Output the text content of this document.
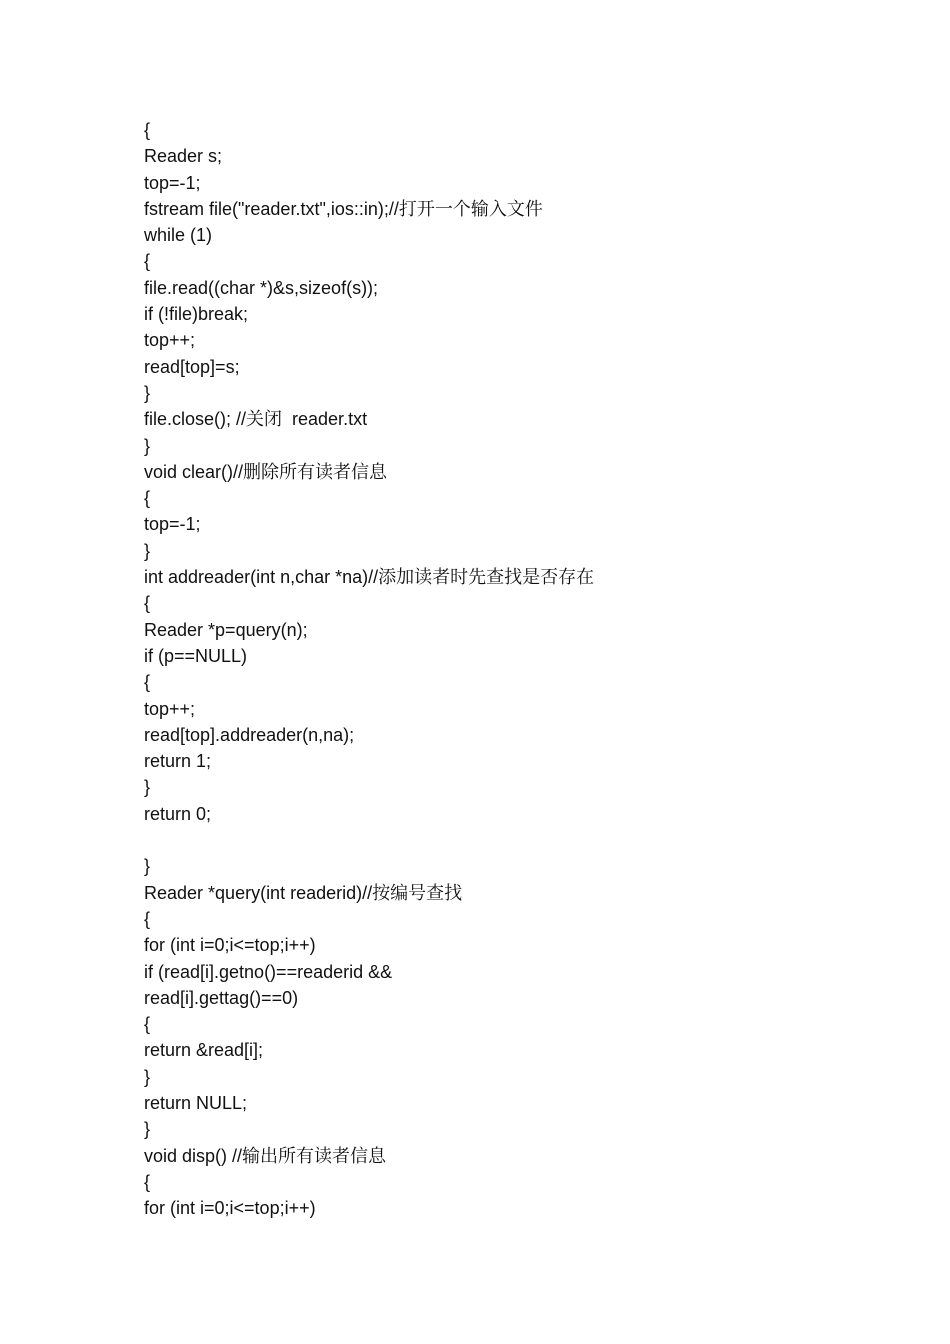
{
Reader s;
top=-1;
fstream file("reader.txt",ios::in);//打开一个输入文件
while (1)
{
file.read((char *)&s,sizeof(s));
if (!file)break;
top++;
read[top]=s;
}
file.close(); //关闭  reader.txt
}
void clear()//删除所有读者信息
{
top=-1;
}
int addreader(int n,char *na)//添加读者时先查找是否存在
{
Reader *p=query(n);
if (p==NULL)
{
top++;
read[top].addreader(n,na);
return 1;
}
return 0;
}
Reader *query(int readerid)//按编号查找
{
for (int i=0;i<=top;i++)
if (read[i].getno()==readerid &&
read[i].gettag()==0)
{
return &read[i];
}
return NULL;
}
void disp() //输出所有读者信息
{
for (int i=0;i<=top;i++)
